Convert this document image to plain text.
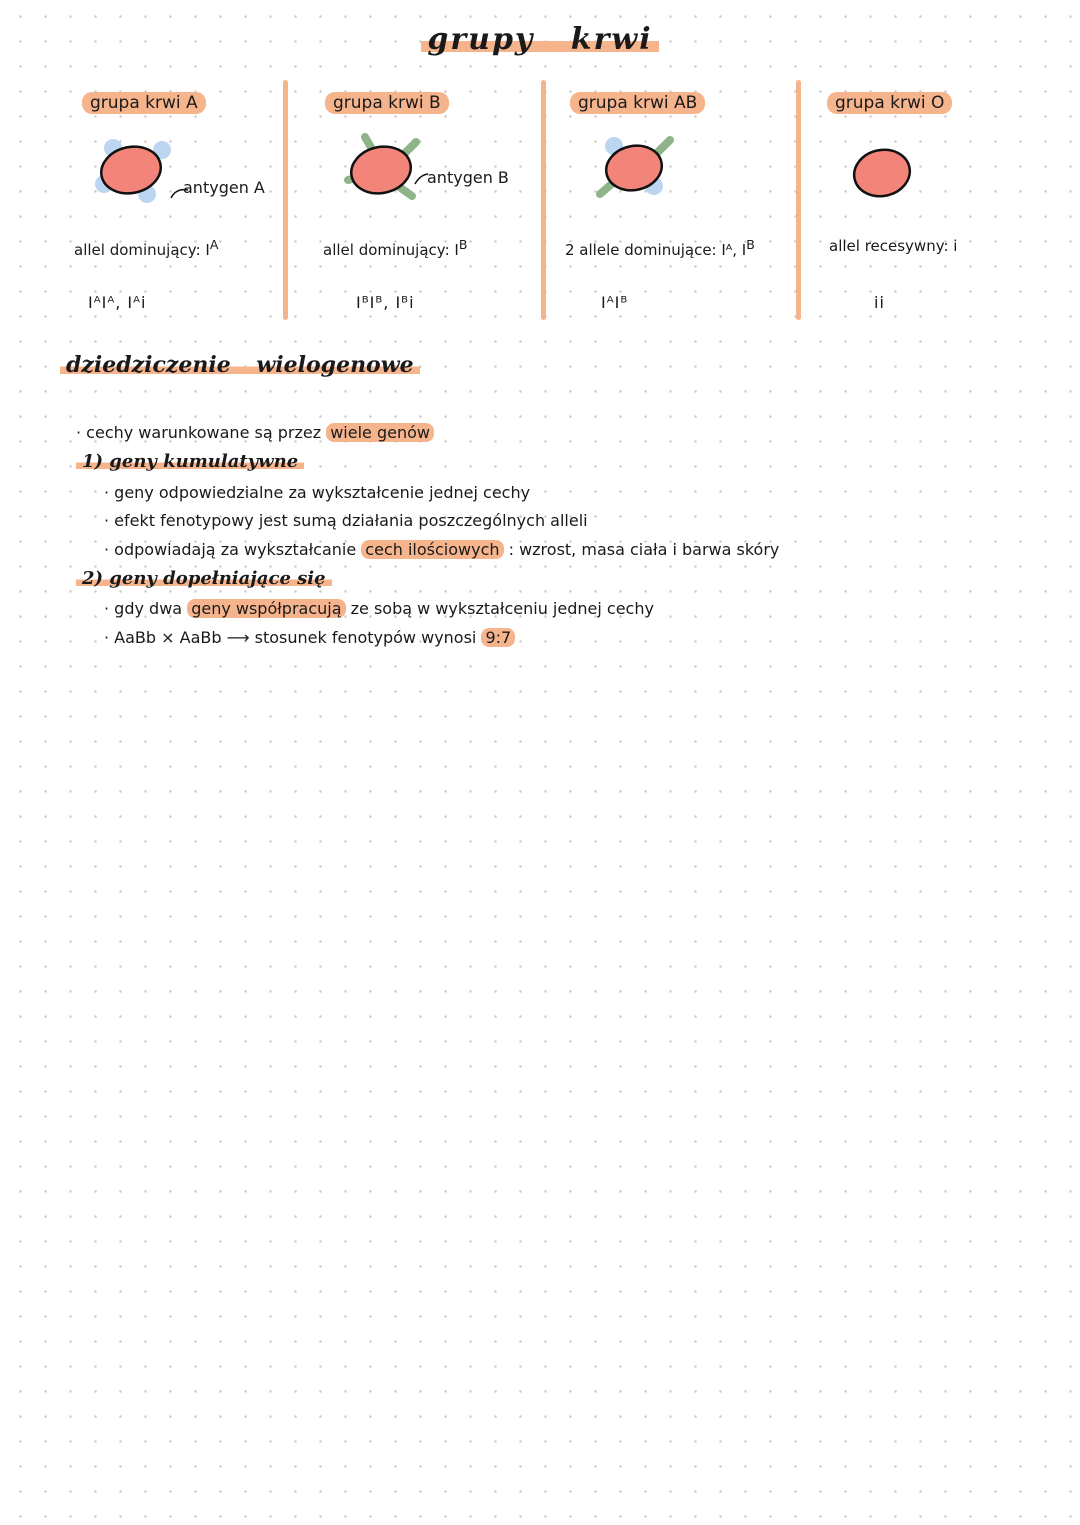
grupy krwi
grupa krwi A
antygen A
allel dominujący: $I^A$
IᴬIᴬ, Iᴬi
grupa krwi B
antygen B
allel dominujący: $I^B$
IᴮIᴮ, Iᴮi
grupa krwi AB
2 allele dominujące: Iᴬ, $I^B$
IᴬIᴮ
grupa krwi O
allel recesywny: i
ii
dziedziczenie wielogenowe
· cechy warunkowane są przez wiele genów
1) geny kumulatywne
· geny odpowiedzialne za wykształcenie jednej cechy
· efekt fenotypowy jest sumą działania poszczególnych alleli
· odpowiadają za wykształcanie cech ilościowych : wzrost, masa ciała i barwa skóry
2) geny dopełniające się
· gdy dwa geny współpracują ze sobą w wykształceniu jednej cechy
· AaBb × AaBb ⟶ stosunek fenotypów wynosi 9:7
